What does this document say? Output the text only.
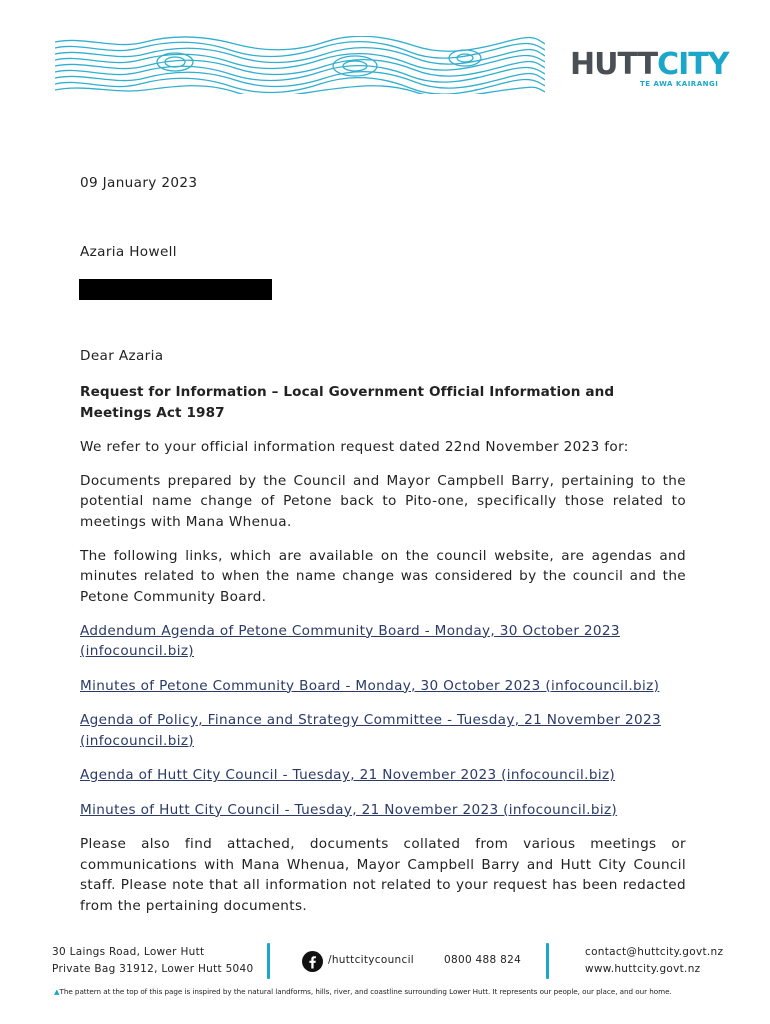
HUTTCITY
TE AWA KAIRANGI
09 January 2023
Azaria Howell
Dear Azaria

Request for Information – Local Government Official Information and Meetings Act 1987

We refer to your official information request dated 22nd November 2023 for:

Documents prepared by the Council and Mayor Campbell Barry, pertaining to the potential name change of Petone back to Pito-one, specifically those related to meetings with Mana Whenua.

The following links, which are available on the council website, are agendas and minutes related to when the name change was considered by the council and the Petone Community Board.

Addendum Agenda of Petone Community Board - Monday, 30 October 2023 (infocouncil.biz)
Minutes of Petone Community Board - Monday, 30 October 2023 (infocouncil.biz)
Agenda of Policy, Finance and Strategy Committee - Tuesday, 21 November 2023 (infocouncil.biz)
Agenda of Hutt City Council - Tuesday, 21 November 2023 (infocouncil.biz)
Minutes of Hutt City Council - Tuesday, 21 November 2023 (infocouncil.biz)

Please also find attached, documents collated from various meetings or communications with Mana Whenua, Mayor Campbell Barry and Hutt City Council staff. Please note that all information not related to your request has been redacted from the pertaining documents.

30 Laings Road, Lower Hutt
Private Bag 31912, Lower Hutt 5040
/huttcitycouncil	0800 488 824
contact@huttcity.govt.nz
www.huttcity.govt.nz
▲The pattern at the top of this page is inspired by the natural landforms, hills, river, and coastline surrounding Lower Hutt. It represents our people, our place, and our home.
